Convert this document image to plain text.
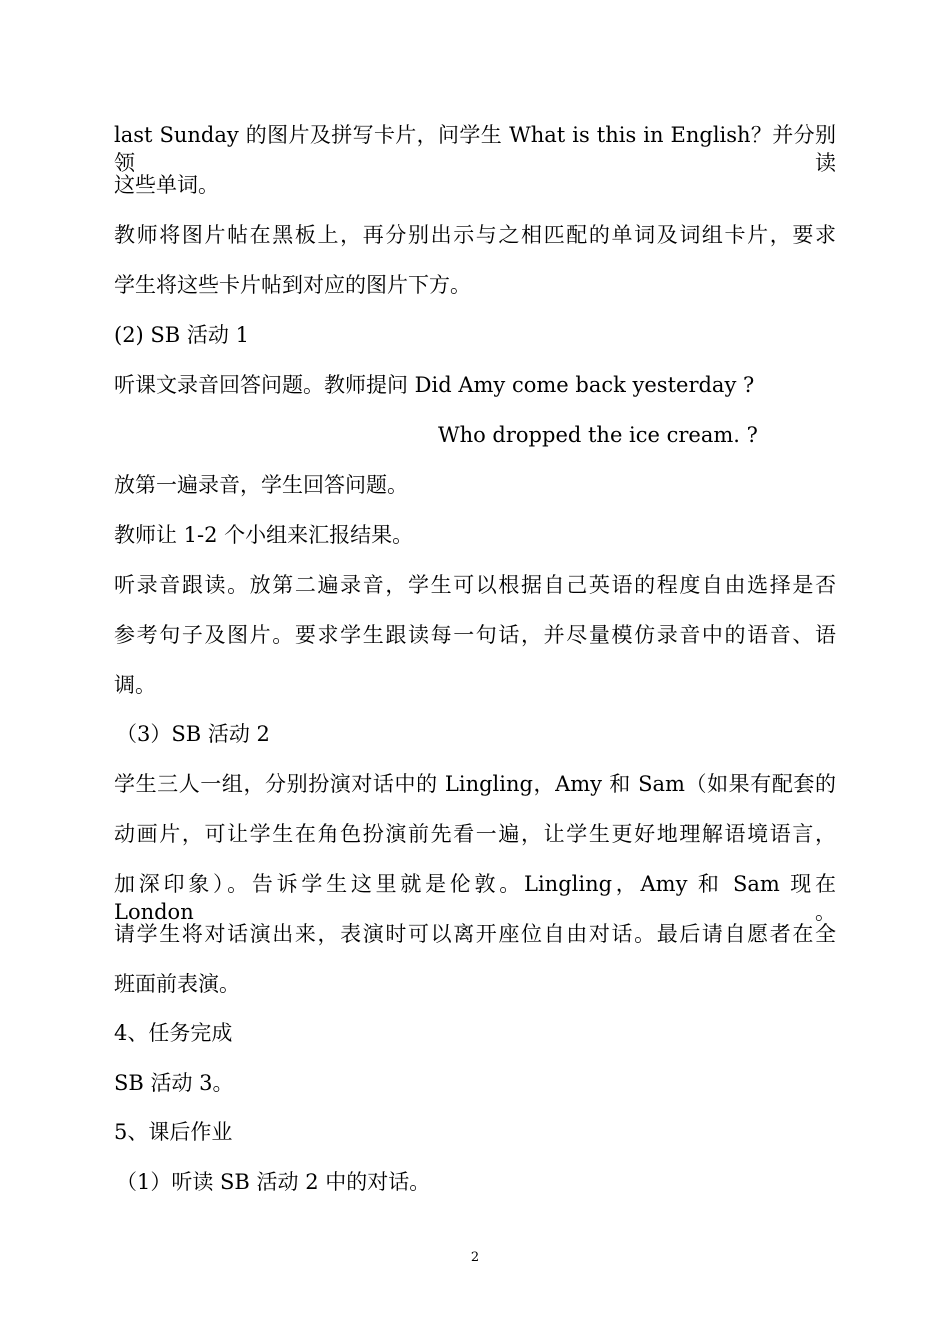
last Sunday 的图片及拼写卡片，问学生 What is this in English？并分别领读
这些单词。
教师将图片帖在黑板上，再分别出示与之相匹配的单词及词组卡片，要求
学生将这些卡片帖到对应的图片下方。
(2) SB 活动 1
听课文录音回答问题。教师提问 Did Amy come back yesterday ?
Who dropped the ice cream. ?
放第一遍录音，学生回答问题。
教师让 1-2 个小组来汇报结果。
听录音跟读。放第二遍录音，学生可以根据自己英语的程度自由选择是否
参考句子及图片。要求学生跟读每一句话，并尽量模仿录音中的语音、语
调。
（3）SB 活动 2
学生三人一组，分别扮演对话中的 Lingling，Amy 和 Sam（如果有配套的
动画片，可让学生在角色扮演前先看一遍，让学生更好地理解语境语言，
加深印象）。告诉学生这里就是伦敦。Lingling，Amy 和 Sam 现在 London。
请学生将对话演出来，表演时可以离开座位自由对话。最后请自愿者在全
班面前表演。
4、任务完成
SB 活动 3。
5、课后作业
（1）听读 SB 活动 2 中的对话。
2
